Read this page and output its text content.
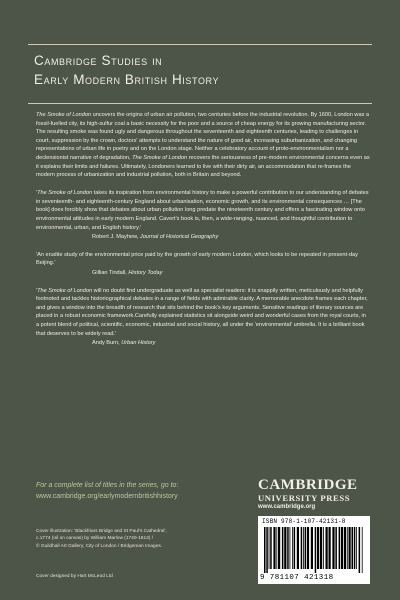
Cambridge Studies in
Early Modern British History

The Smoke of London uncovers the origins of urban air pollution, two centuries before the industrial revolution. By 1600, London was a fossil-fuelled city, its high-sulfur coal a basic necessity for the poor and a source of cheap energy for its growing manufacturing sector. The resulting smoke was found ugly and dangerous throughout the seventeenth and eighteenth centuries, leading to challenges in court, suppression by the crown, doctors' attempts to understand the nature of good air, increasing suburbanization, and changing representations of urban life in poetry and on the London stage. Neither a celebratory account of proto-environmentalism nor a declensionist narrative of degradation, The Smoke of London recovers the seriousness of pre-modern environmental concerns even as it explains their limits and failures. Ultimately, Londoners learned to live with their dirty air, an accommodation that re-frames the modern process of urbanization and industrial pollution, both in Britain and beyond.

'The Smoke of London takes its inspiration from environmental history to make a powerful contribution to our understanding of debates in seventeenth- and eighteenth-century England about urbanisation, economic growth, and its environmental consequences … [The book] does forcibly show that debates about urban pollution long predate the nineteenth century and offers a fascinating window onto environmental attitudes in early modern England. Cavert's book is, then, a wide-ranging, nuanced, and thoughtful contribution to environmental, urban, and English history.'

Robert J. Mayhew, Journal of Historical Geography

'An erudite study of the environmental price paid by the growth of early modern London, which looks to be repeated in present-day Beijing.'

Gillian Tindall, History Today

'The Smoke of London will no doubt find undergraduate as well as specialist readers: it is snappily written, meticulously and helpfully footnoted and tackles historiographical debates in a range of fields with admirable clarity. A memorable anecdote frames each chapter, and gives a window into the breadth of research that sits behind the book's key arguments. Sensitive readings of literary sources are placed in a robust economic framework.Carefully explained statistics sit alongside weird and wonderful cases from the royal courts, in a potent blend of political, scientific, economic, industrial and social history, all under the 'environmental' umbrella. It is a brilliant book that deserves to be widely read.'

Andy Burn, Urban History

For a complete list of titles in the series, go to:
www.cambridge.org/earlymodernbritishhistory
Cover illustration: 'Blackfriars Bridge and St Paul's Cathedral',
c.1774 (oil on canvas) by William Marlow (1740-1813) /
© Guildhall Art Gallery, City of London / Bridgeman Images.
Cover designed by Hart McLeod Ltd
CAMBRIDGE
UNIVERSITY PRESS
www.cambridge.org
ISBN 978-1-107-42131-8
9 781107 421318
